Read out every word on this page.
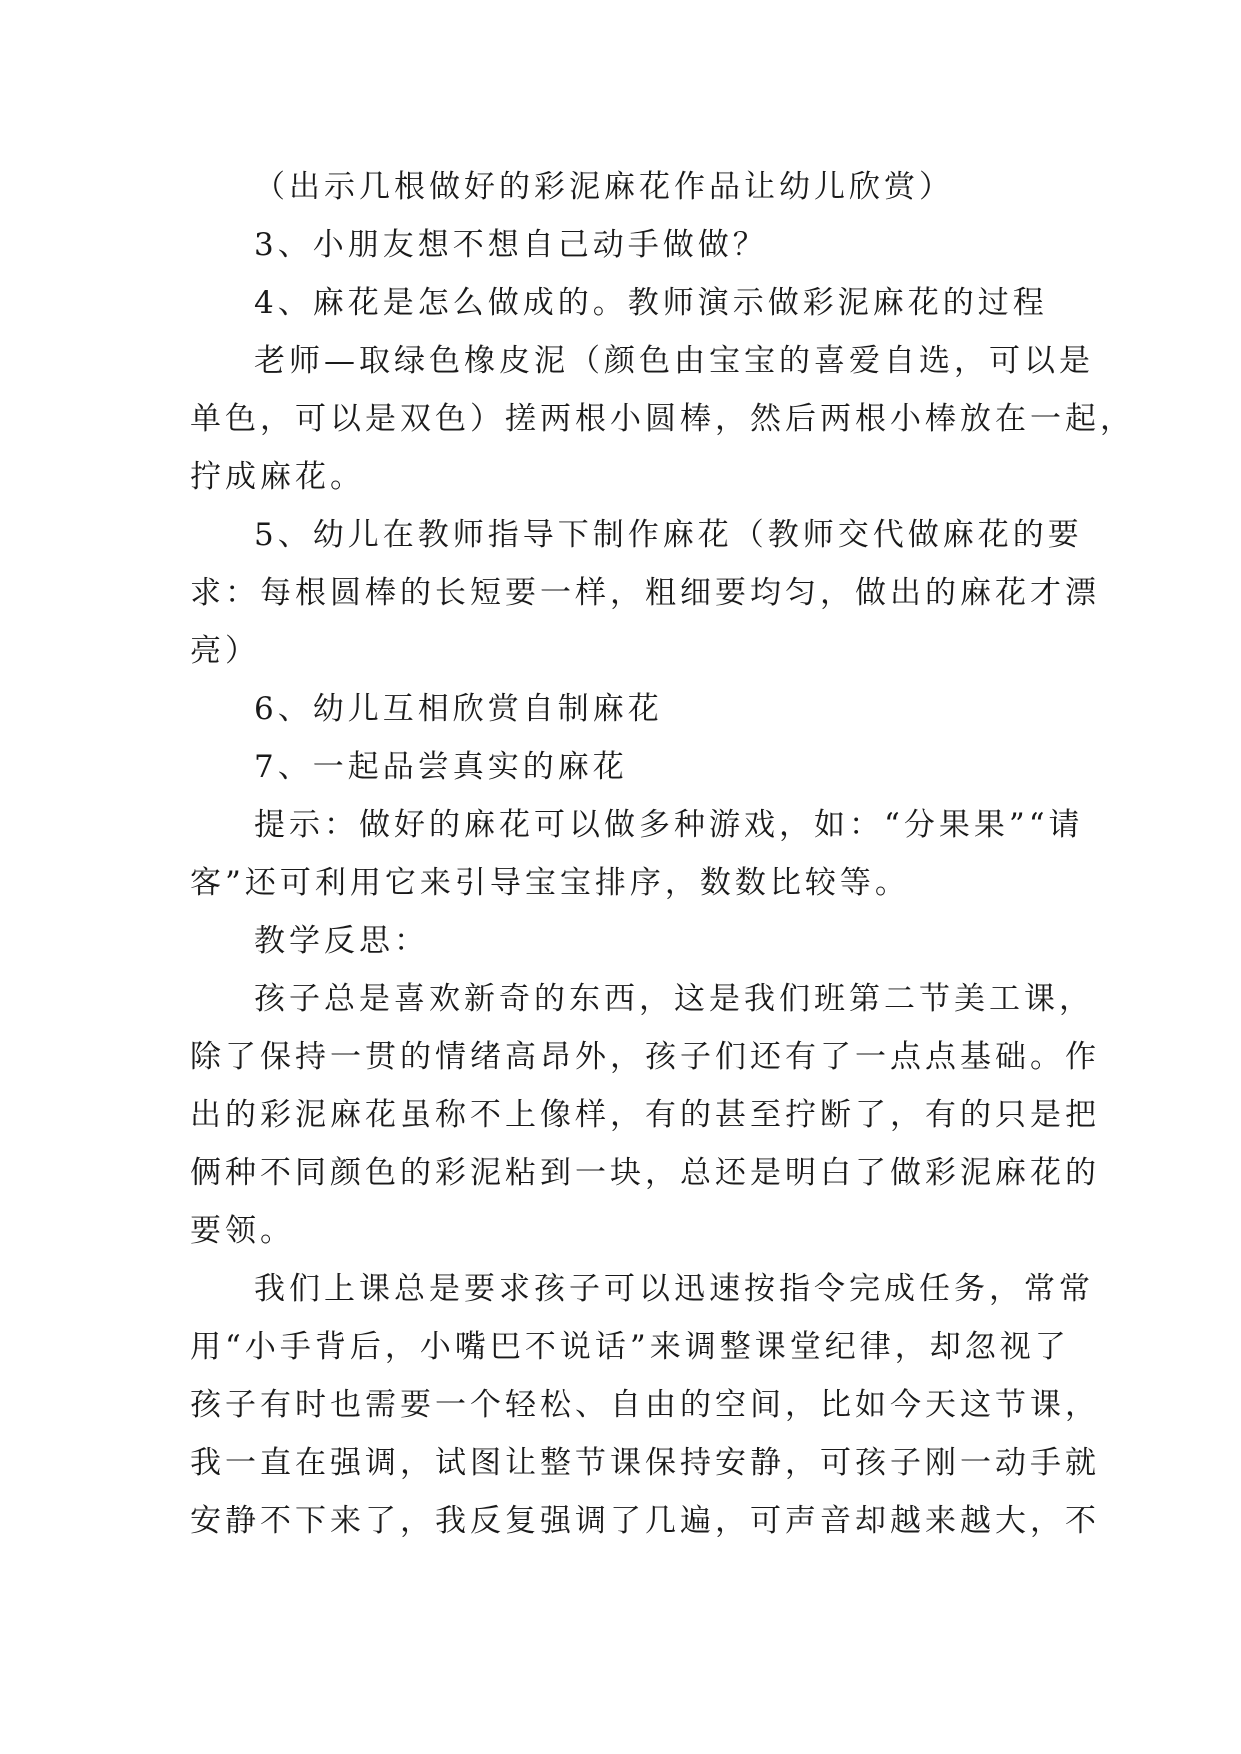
（出示几根做好的彩泥麻花作品让幼儿欣赏）
3、小朋友想不想自己动手做做？
4、麻花是怎么做成的。教师演示做彩泥麻花的过程
老师—取绿色橡皮泥（颜色由宝宝的喜爱自选，可以是
单色，可以是双色）搓两根小圆棒，然后两根小棒放在一起，
拧成麻花。
5、幼儿在教师指导下制作麻花（教师交代做麻花的要
求：每根圆棒的长短要一样，粗细要均匀，做出的麻花才漂
亮）
6、幼儿互相欣赏自制麻花
7、一起品尝真实的麻花
提示：做好的麻花可以做多种游戏，如：“分果果”“请
客”还可利用它来引导宝宝排序，数数比较等。
教学反思：
孩子总是喜欢新奇的东西，这是我们班第二节美工课，
除了保持一贯的情绪高昂外，孩子们还有了一点点基础。作
出的彩泥麻花虽称不上像样，有的甚至拧断了，有的只是把
俩种不同颜色的彩泥粘到一块，总还是明白了做彩泥麻花的
要领。
我们上课总是要求孩子可以迅速按指令完成任务，常常
用“小手背后，小嘴巴不说话”来调整课堂纪律，却忽视了
孩子有时也需要一个轻松、自由的空间，比如今天这节课，
我一直在强调，试图让整节课保持安静，可孩子刚一动手就
安静不下来了，我反复强调了几遍，可声音却越来越大，不
